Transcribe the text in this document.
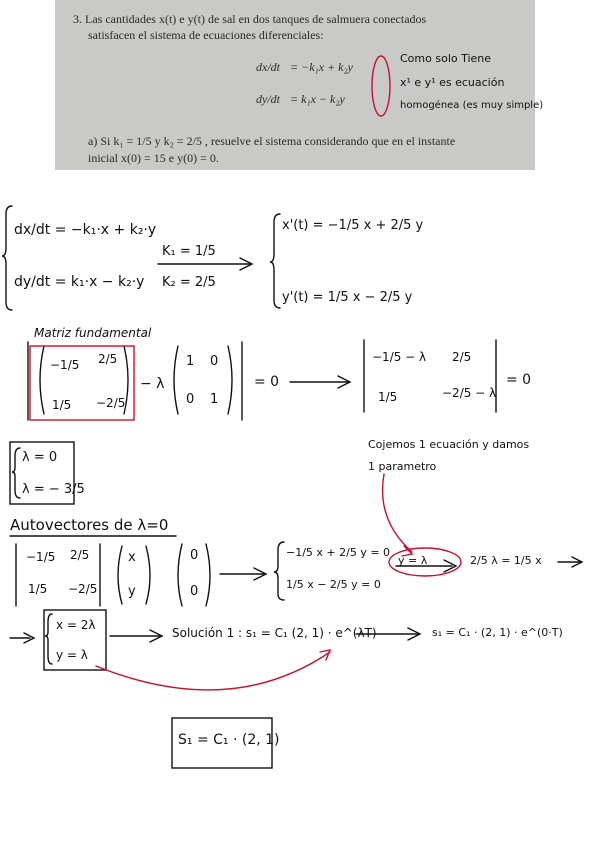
3. Las cantidades x(t) e y(t) de sal en dos tanques de salmuera conectados
satisfacen el sistema de ecuaciones diferenciales:
dx/dt = −k₁x + k₂y
dy/dt = k₁x − k₂y
a) Si k₁ = 1/5 y k₂ = 2/5 , resuelve el sistema considerando que en el instante
inicial x(0) = 15 e y(0) = 0.
Como solo Tiene
x¹ e y¹ es ecuación
homogénea (es muy simple)
dx/dt = −k₁·x + k₂·y
dy/dt = k₁·x − k₂·y
K₁ = 1/5
K₂ = 2/5
x'(t) = −1/5 x + 2/5 y
y'(t) = 1/5 x − 2/5 y
Matriz fundamental
−1/5 2/5
1/5 −2/5
− λ
1 0
0 1
= 0
−1/5 − λ 2/5
1/5	−2/5 − λ
= 0
λ = 0
λ = − 3/5
Cojemos 1 ecuación y damos
1 parametro
Autovectores de λ=0
−1/5 2/5
1/5 −2/5
x
y
0
0
−1/5 x + 2/5 y = 0
1/5 x − 2/5 y = 0
y = λ	2/5 λ = 1/5 x
x = 2λ
y = λ
Solución 1 : s₁ = C₁ (2, 1) · e^(λT)	s₁ = C₁ · (2, 1) · e^(0·T)
S₁ = C₁ · (2, 1)
